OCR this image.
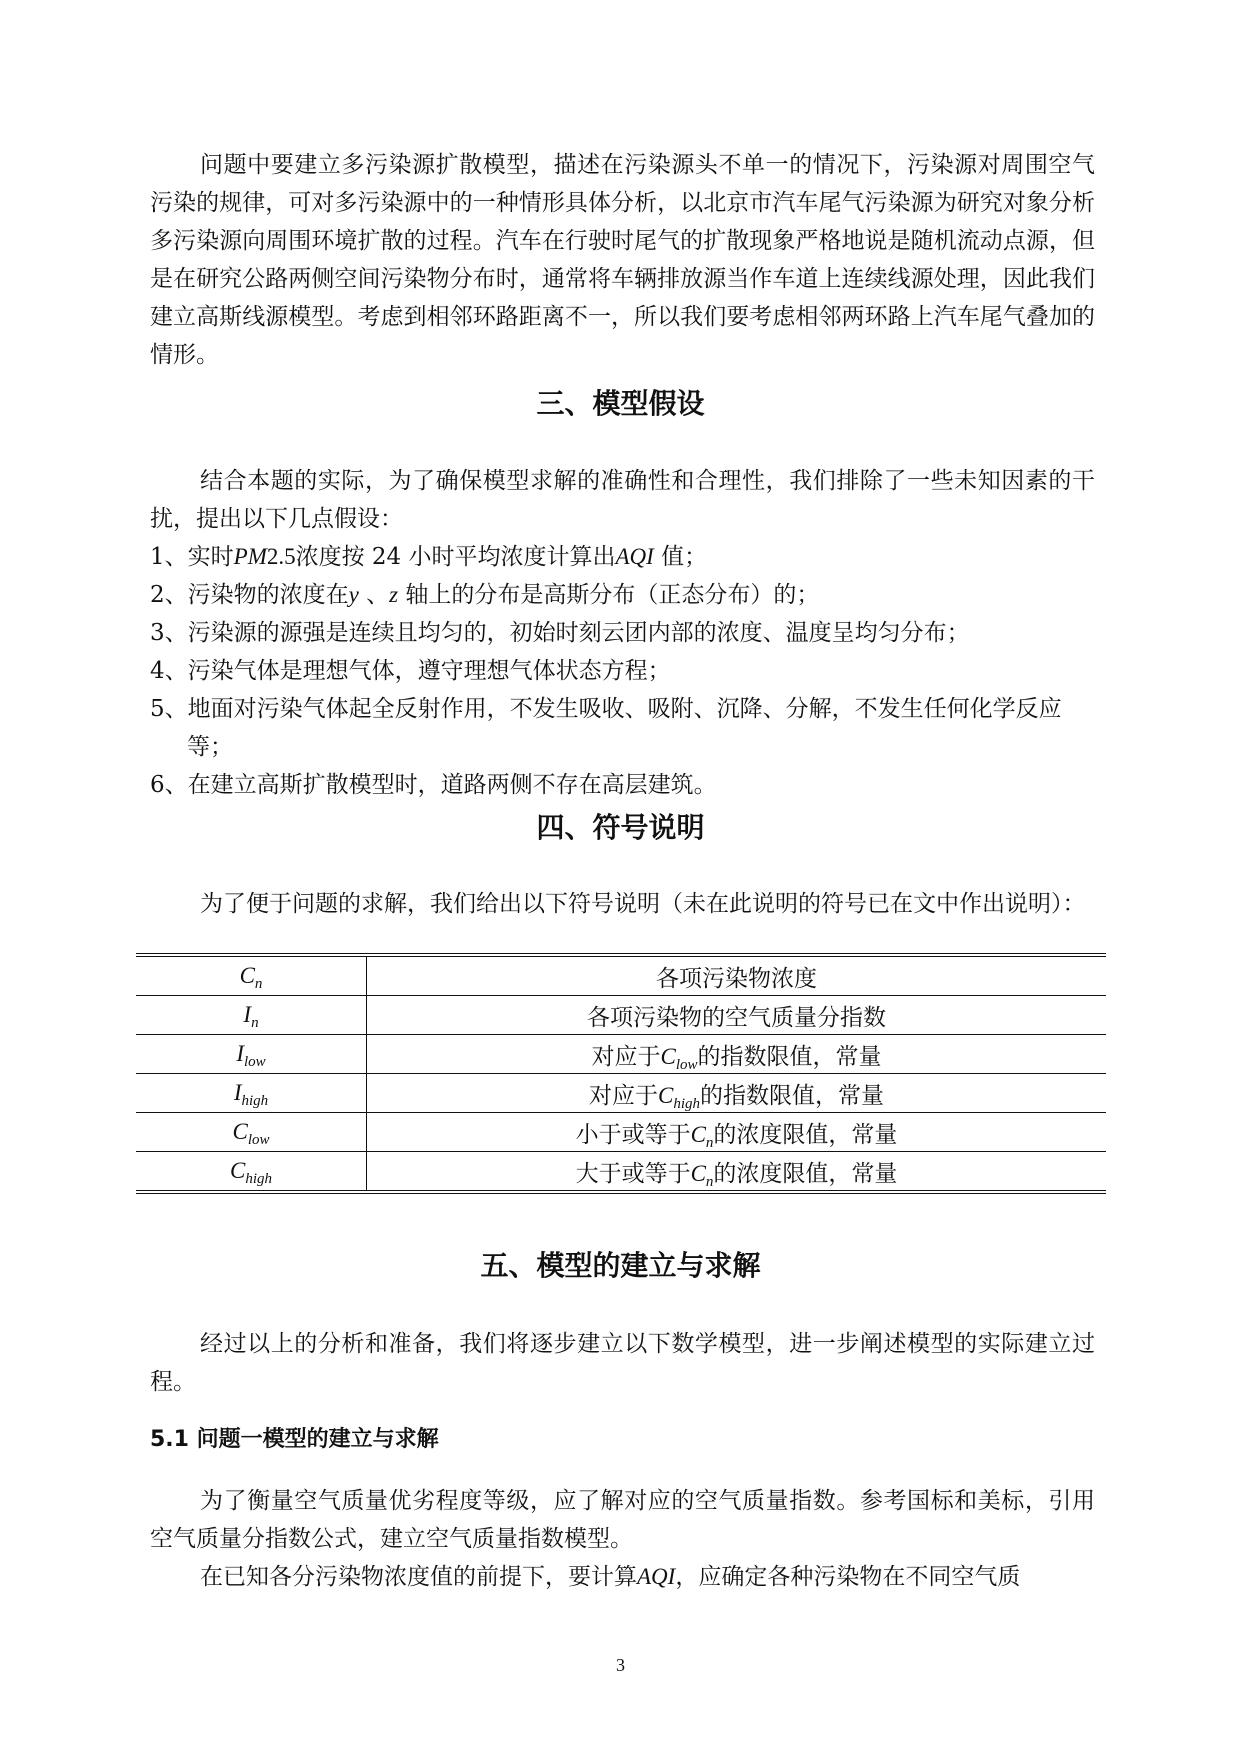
问题中要建立多污染源扩散模型，描述在污染源头不单一的情况下，污染源对周围空气污染的规律，可对多污染源中的一种情形具体分析，以北京市汽车尾气污染源为研究对象分析多污染源向周围环境扩散的过程。汽车在行驶时尾气的扩散现象严格地说是随机流动点源，但是在研究公路两侧空间污染物分布时，通常将车辆排放源当作车道上连续线源处理，因此我们建立高斯线源模型。考虑到相邻环路距离不一，所以我们要考虑相邻两环路上汽车尾气叠加的情形。

三、模型假设

结合本题的实际，为了确保模型求解的准确性和合理性，我们排除了一些未知因素的干扰，提出以下几点假设：

1、实时PM2.5浓度按 24 小时平均浓度计算出AQI 值；
2、污染物的浓度在y 、z 轴上的分布是高斯分布（正态分布）的；
3、污染源的源强是连续且均匀的，初始时刻云团内部的浓度、温度呈均匀分布；
4、污染气体是理想气体，遵守理想气体状态方程；
5、地面对污染气体起全反射作用，不发生吸收、吸附、沉降、分解，不发生任何化学反应等；
6、在建立高斯扩散模型时，道路两侧不存在高层建筑。
四、符号说明

为了便于问题的求解，我们给出以下符号说明（未在此说明的符号已在文中作出说明）：

$C_n$	各项污染物浓度
$I_n$	各项污染物的空气质量分指数
$I_{low}$	对应于$C_{low}$的指数限值，常量
$I_{high}$	对应于$C_{high}$的指数限值，常量
$C_{low}$	小于或等于$C_n$的浓度限值，常量
$C_{high}$	大于或等于$C_n$的浓度限值，常量
五、模型的建立与求解

经过以上的分析和准备，我们将逐步建立以下数学模型，进一步阐述模型的实际建立过程。

5.1 问题一模型的建立与求解

为了衡量空气质量优劣程度等级，应了解对应的空气质量指数。参考国标和美标，引用空气质量分指数公式，建立空气质量指数模型。

在已知各分污染物浓度值的前提下，要计算AQI，应确定各种污染物在不同空气质

3
